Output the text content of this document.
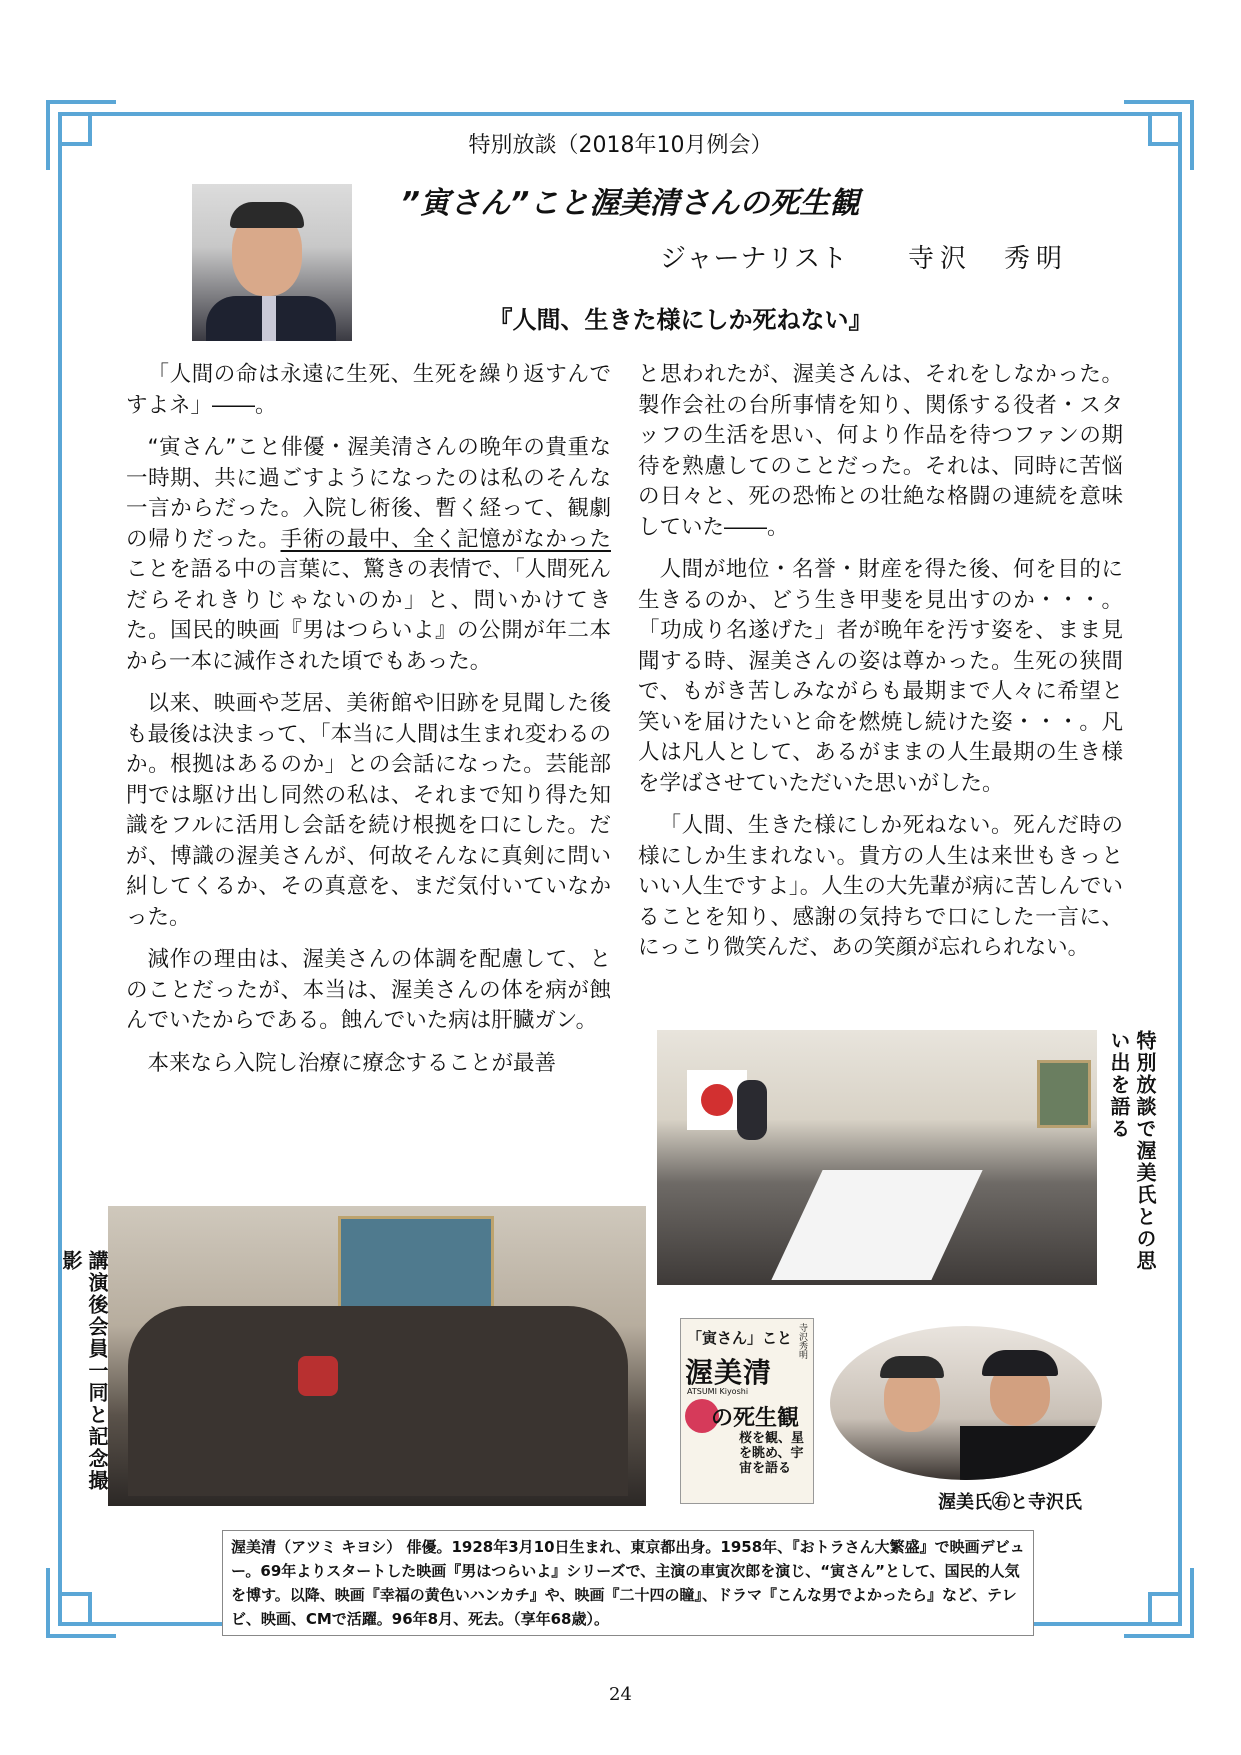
特別放談（2018年10月例会）
”寅さん”こと渥美清さんの死生観
ジャーナリスト 寺沢　秀明
『人間、生きた様にしか死ねない』

「人間の命は永遠に生死、生死を繰り返すんですよネ」――。

“寅さん”こと俳優・渥美清さんの晩年の貴重な一時期、共に過ごすようになったのは私のそんな一言からだった。入院し術後、暫く経って、観劇の帰りだった。手術の最中、全く記憶がなかったことを語る中の言葉に、驚きの表情で、「人間死んだらそれきりじゃないのか」と、問いかけてきた。国民的映画『男はつらいよ』の公開が年二本から一本に減作された頃でもあった。

以来、映画や芝居、美術館や旧跡を見聞した後も最後は決まって、「本当に人間は生まれ変わるのか。根拠はあるのか」との会話になった。芸能部門では駆け出し同然の私は、それまで知り得た知識をフルに活用し会話を続け根拠を口にした。だが、博識の渥美さんが、何故そんなに真剣に問い糾してくるか、その真意を、まだ気付いていなかった。

減作の理由は、渥美さんの体調を配慮して、とのことだったが、本当は、渥美さんの体を病が蝕んでいたからである。蝕んでいた病は肝臓ガン。

本来なら入院し治療に療念することが最善

と思われたが、渥美さんは、それをしなかった。製作会社の台所事情を知り、関係する役者・スタッフの生活を思い、何より作品を待つファンの期待を熟慮してのことだった。それは、同時に苦悩の日々と、死の恐怖との壮絶な格闘の連続を意味していた――。

人間が地位・名誉・財産を得た後、何を目的に生きるのか、どう生き甲斐を見出すのか・・・。「功成り名遂げた」者が晩年を汚す姿を、まま見聞する時、渥美さんの姿は尊かった。生死の狭間で、もがき苦しみながらも最期まで人々に希望と笑いを届けたいと命を燃焼し続けた姿・・・。凡人は凡人として、あるがままの人生最期の生き様を学ばさせていただいた思いがした。

「人間、生きた様にしか死ねない。死んだ時の様にしか生まれない。貴方の人生は来世もきっといい人生ですよ」。人生の大先輩が病に苦しんでいることを知り、感謝の気持ちで口にした一言に、にっこり微笑んだ、あの笑顔が忘れられない。

特別放談で渥美氏との思い出を語る
講演後会員一同と記念撮影
寺沢秀明
「寅さん」こと
渥美清
ATSUMI Kiyoshi
の死生観
桜を観、星を眺め、宇宙を語る
渥美氏㊨と寺沢氏
渥美清（アツミ キヨシ） 俳優。1928年3月10日生まれ、東京都出身。1958年、『おトラさん大繁盛』で映画デビュー。69年よりスタートした映画『男はつらいよ』シリーズで、主演の車寅次郎を演じ、“寅さん”として、国民的人気を博す。以降、映画『幸福の黄色いハンカチ』や、映画『二十四の瞳』、ドラマ『こんな男でよかったら』など、テレビ、映画、CMで活躍。96年8月、死去。（享年68歳）。
24
